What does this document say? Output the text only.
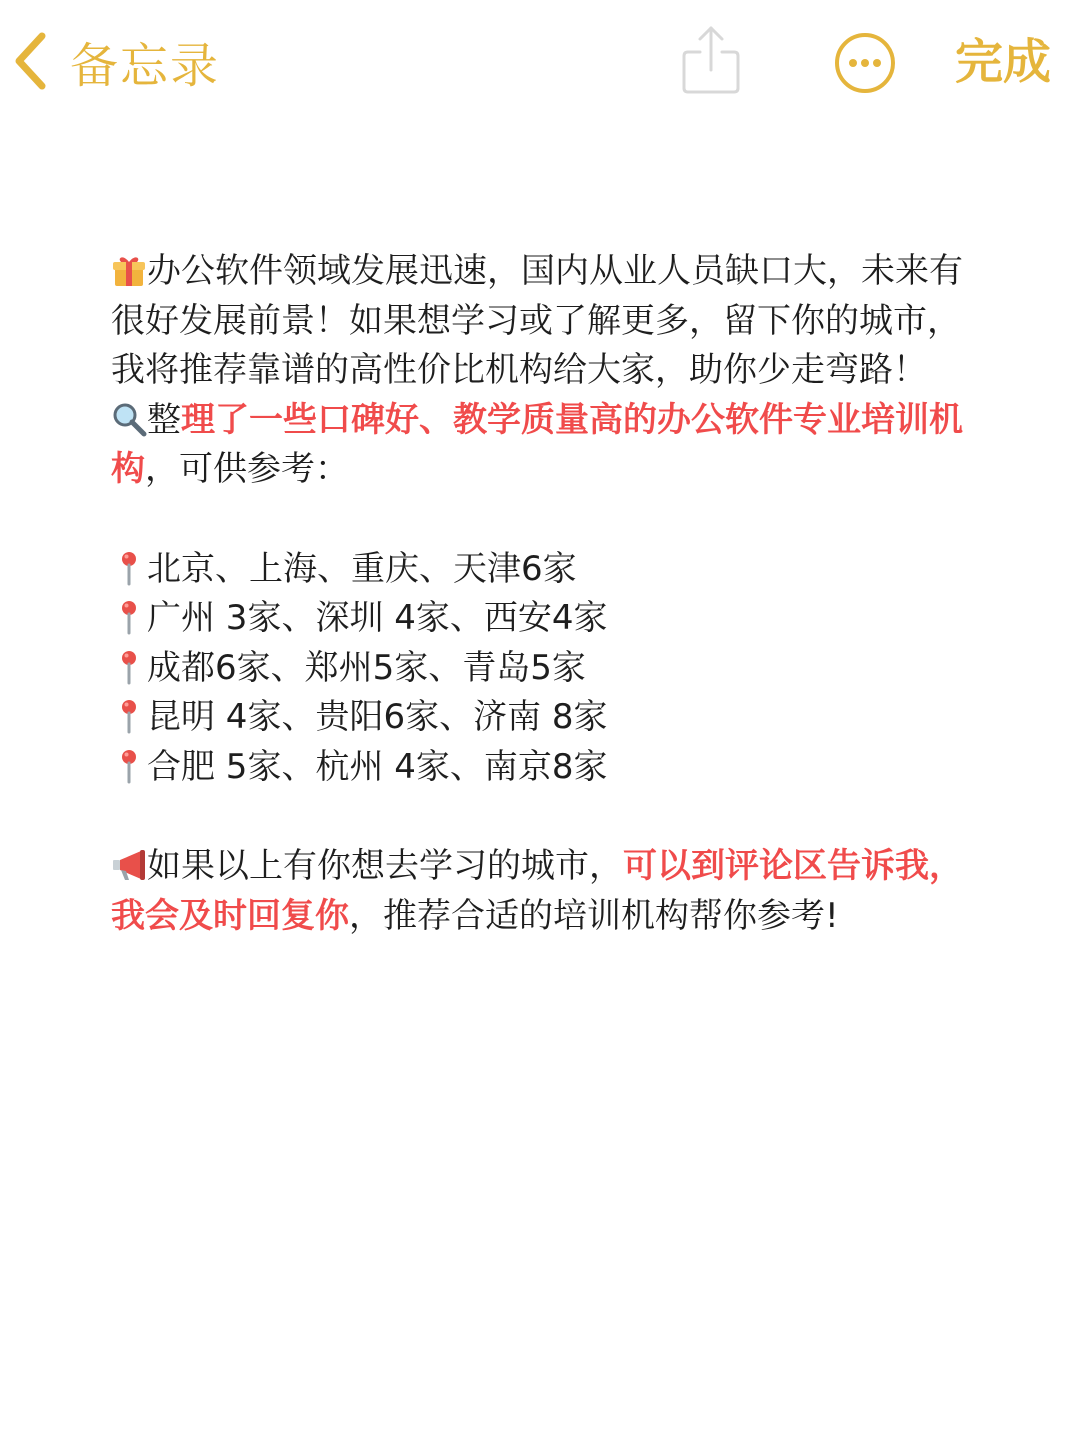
备忘录	完成

办公软件领域发展迅速，国内从业人员缺口大，未来有很好发展前景！如果想学习或了解更多，留下你的城市，我将推荐靠谱的高性价比机构给大家，助你少走弯路！

整理了一些口碑好、教学质量高的办公软件专业培训机构，可供参考：

北京、上海、重庆、天津6家

广州 3家、深圳 4家、西安4家

成都6家、郑州5家、青岛5家

昆明 4家、贵阳6家、济南 8家

合肥 5家、杭州 4家、南京8家

如果以上有你想去学习的城市，可以到评论区告诉我，我会及时回复你，推荐合适的培训机构帮你参考!
